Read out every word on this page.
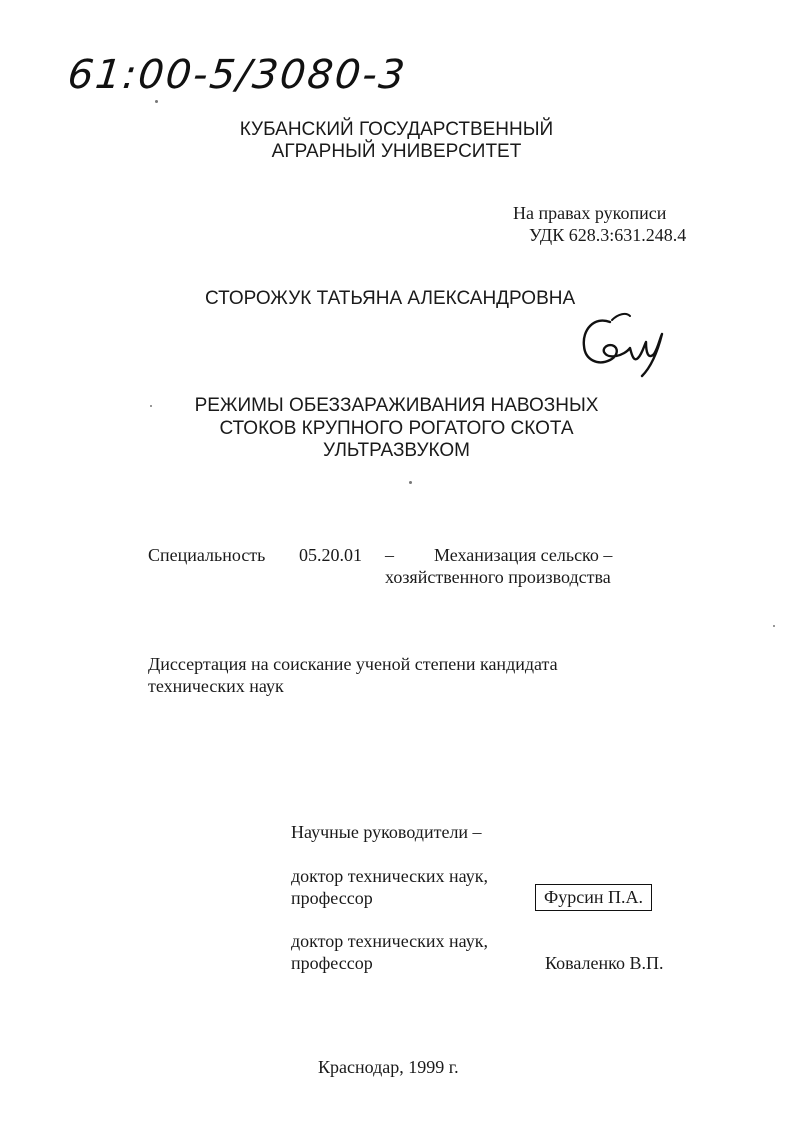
61:00-5/3080-3
КУБАНСКИЙ ГОСУДАРСТВЕННЫЙ
АГРАРНЫЙ УНИВЕРСИТЕТ
На правах рукописи
УДК 628.3:631.248.4
СТОРОЖУК ТАТЬЯНА АЛЕКСАНДРОВНА
РЕЖИМЫ ОБЕЗЗАРАЖИВАНИЯ НАВОЗНЫХ
СТОКОВ КРУПНОГО РОГАТОГО СКОТА
УЛЬТРАЗВУКОМ
Специальность 05.20.01 – Механизация сельско –
хозяйственного производства
Диссертация на соискание ученой степени кандидата
технических наук
Научные руководители –
доктор технических наук,
профессор	Фурсин П.А.
доктор технических наук,
профессор	Коваленко В.П.
Краснодар, 1999 г.
